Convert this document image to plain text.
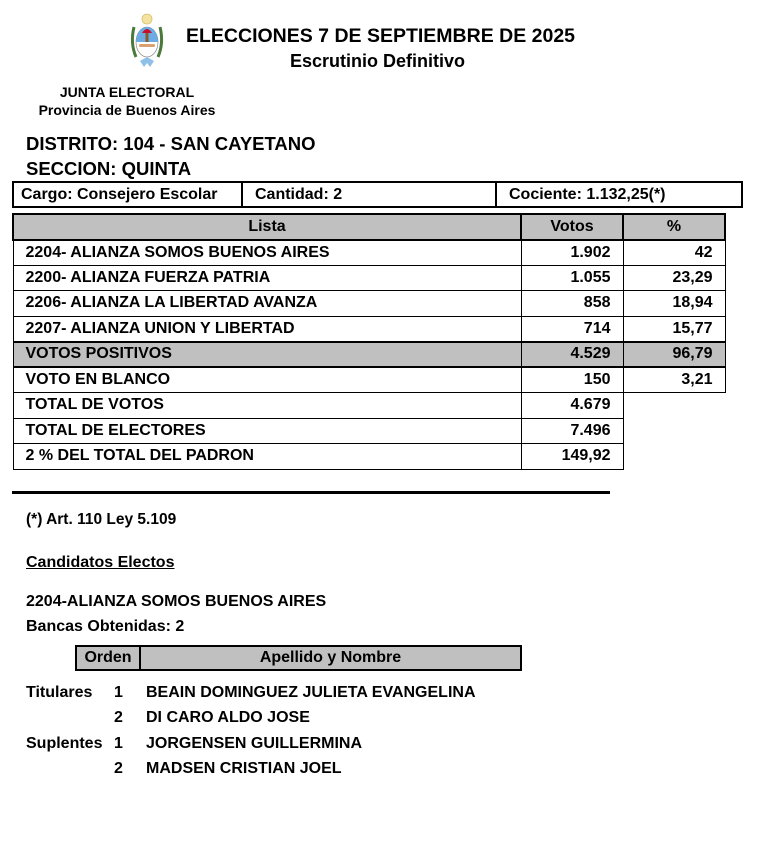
ELECCIONES 7 DE SEPTIEMBRE DE 2025
Escrutinio Definitivo
JUNTA ELECTORAL
Provincia de Buenos Aires
DISTRITO: 104 - SAN CAYETANO
SECCION: QUINTA
Cargo: Consejero Escolar	Cantidad: 2	Cociente: 1.132,25(*)
Lista	Votos	%
2204- ALIANZA SOMOS BUENOS AIRES	1.902	42
2200- ALIANZA FUERZA PATRIA	1.055	23,29
2206- ALIANZA LA LIBERTAD AVANZA	858	18,94
2207- ALIANZA UNION Y LIBERTAD	714	15,77
VOTOS POSITIVOS	4.529	96,79
VOTO EN BLANCO	150	3,21
TOTAL DE VOTOS	4.679	
TOTAL DE ELECTORES	7.496	
2 % DEL TOTAL DEL PADRON	149,92	
(*) Art. 110 Ley 5.109
Candidatos Electos
2204-ALIANZA SOMOS BUENOS AIRES
Bancas Obtenidas: 2
Orden	Apellido y Nombre
Titulares	1	BEAIN DOMINGUEZ JULIETA EVANGELINA
2	DI CARO ALDO JOSE
Suplentes 1	JORGENSEN GUILLERMINA
2	MADSEN CRISTIAN JOEL
